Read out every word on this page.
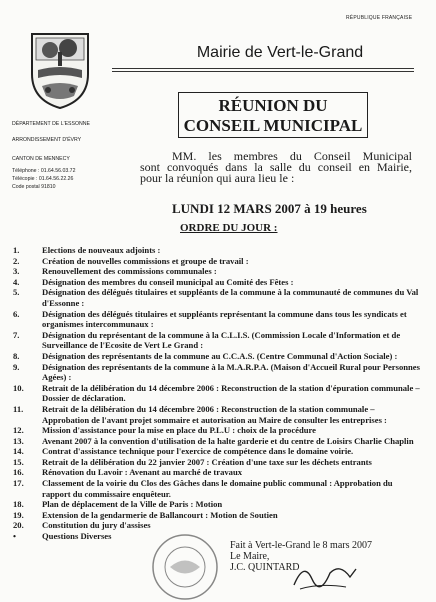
RÉPUBLIQUE FRANÇAISE
Mairie de Vert-le-Grand
DÉPARTEMENT DE L'ESSONNE
ARRONDISSEMENT D'ÉVRY
CANTON DE MENNECY
Téléphone : 01.64.56.03.72
Télécopie : 01.64.56.22.26
Code postal 91810
RÉUNION DU
CONSEIL MUNICIPAL

MM. les membres du Conseil Municipal

sont convoqués dans la salle du conseil en Mairie,

pour la réunion qui aura lieu le :

LUNDI 12 MARS 2007 à 19 heures
ORDRE DU JOUR :
1.	Elections de nouveaux adjoints :
2.	Création de nouvelles commissions et groupe de travail :
3.	Renouvellement des commissions communales :
4.	Désignation des membres du conseil municipal au Comité des Fêtes :
5.	Désignation des délégués titulaires et suppléants de la commune à la communauté de communes du Val d'Essonne :
6.	Désignation des délégués titulaires et suppléants représentant la commune dans tous les syndicats et organismes intercommunaux :
7.	Désignation du représentant de la commune à la C.L.I.S. (Commission Locale d'Information et de Surveillance de l'Ecosite de Vert Le Grand :
8.	Désignation des représentants de la commune au C.C.A.S. (Centre Communal d'Action Sociale) :
9.	Désignation des représentants de la commune à la M.A.R.P.A. (Maison d'Accueil Rural pour Personnes Agées) :
10.	Retrait de la délibération du 14 décembre 2006 : Reconstruction de la station d'épuration communale – Dossier de déclaration.
11.	Retrait de la délibération du 14 décembre 2006 : Reconstruction de la station communale – Approbation de l'avant projet sommaire et autorisation au Maire de consulter les entreprises :
12.	Mission d'assistance pour la mise en place du P.L.U : choix de la procédure
13.	Avenant 2007 à la convention d'utilisation de la halte garderie et du centre de Loisirs Charlie Chaplin
14.	Contrat d'assistance technique pour l'exercice de compétence dans le domaine voirie.
15.	Retrait de la délibération du 22 janvier 2007 : Création d'une taxe sur les déchets entrants
16.	Rénovation du Lavoir : Avenant au marché de travaux
17.	Classement de la voirie du Clos des Gâches dans le domaine public communal : Approbation du rapport du commissaire enquêteur.
18.	Plan de déplacement de la Ville de Paris : Motion
19.	Extension de la gendarmerie de Ballancourt : Motion de Soutien
20.	Constitution du jury d'assises
•	Questions Diverses
Fait à Vert-le-Grand le 8 mars 2007
Le Maire,
J.C. QUINTARD
